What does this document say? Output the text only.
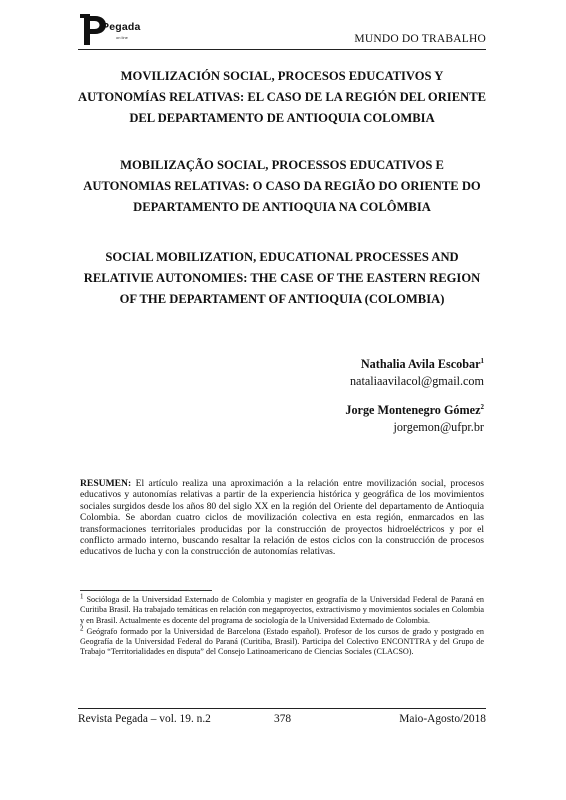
Pegada
on line	MUNDO DO TRABALHO

MOVILIZACIÓN SOCIAL, PROCESOS EDUCATIVOS Y AUTONOMÍAS RELATIVAS: EL CASO DE LA REGIÓN DEL ORIENTE DEL DEPARTAMENTO DE ANTIOQUIA COLOMBIA

MOBILIZAÇÃO SOCIAL, PROCESSOS EDUCATIVOS E AUTONOMIAS RELATIVAS: O CASO DA REGIÃO DO ORIENTE DO DEPARTAMENTO DE ANTIOQUIA NA COLÔMBIA

SOCIAL MOBILIZATION, EDUCATIONAL PROCESSES AND RELATIVIE AUTONOMIES: THE CASE OF THE EASTERN REGION OF THE DEPARTAMENT OF ANTIOQUIA (COLOMBIA)

Nathalia Avila Escobar$^1$
nataliaavilacol@gmail.com
Jorge Montenegro Gómez$^2$
jorgemon@ufpr.br
RESUMEN: El artículo realiza una aproximación a la relación entre movilización social, procesos educativos y autonomías relativas a partir de la experiencia histórica y geográfica de los movimientos sociales surgidos desde los años 80 del siglo XX en la región del Oriente del departamento de Antioquia Colombia. Se abordan cuatro ciclos de movilización colectiva en esta región, enmarcados en las transformaciones territoriales producidas por la construcción de proyectos hidroeléctricos y por el conflicto armado interno, buscando resaltar la relación de estos ciclos con la construcción de procesos educativos de lucha y con la construcción de autonomías relativas.

$^1$ Socióloga de la Universidad Externado de Colombia y magister en geografía de la Universidad Federal de Paraná en Curitiba Brasil. Ha trabajado temáticas en relación con megaproyectos, extractivismo y movimientos sociales en Colombia y en Brasil. Actualmente es docente del programa de sociología de la Universidad Externado de Colombia.

$^2$ Geógrafo formado por la Universidad de Barcelona (Estado español). Profesor de los cursos de grado y postgrado en Geografía de la Universidad Federal do Paraná (Curitiba, Brasil). Participa del Colectivo ENCONTTRA y del Grupo de Trabajo “Territorialidades en disputa” del Consejo Latinoamericano de Ciencias Sociales (CLACSO).

Revista Pegada – vol. 19. n.2	378	Maio-Agosto/2018
